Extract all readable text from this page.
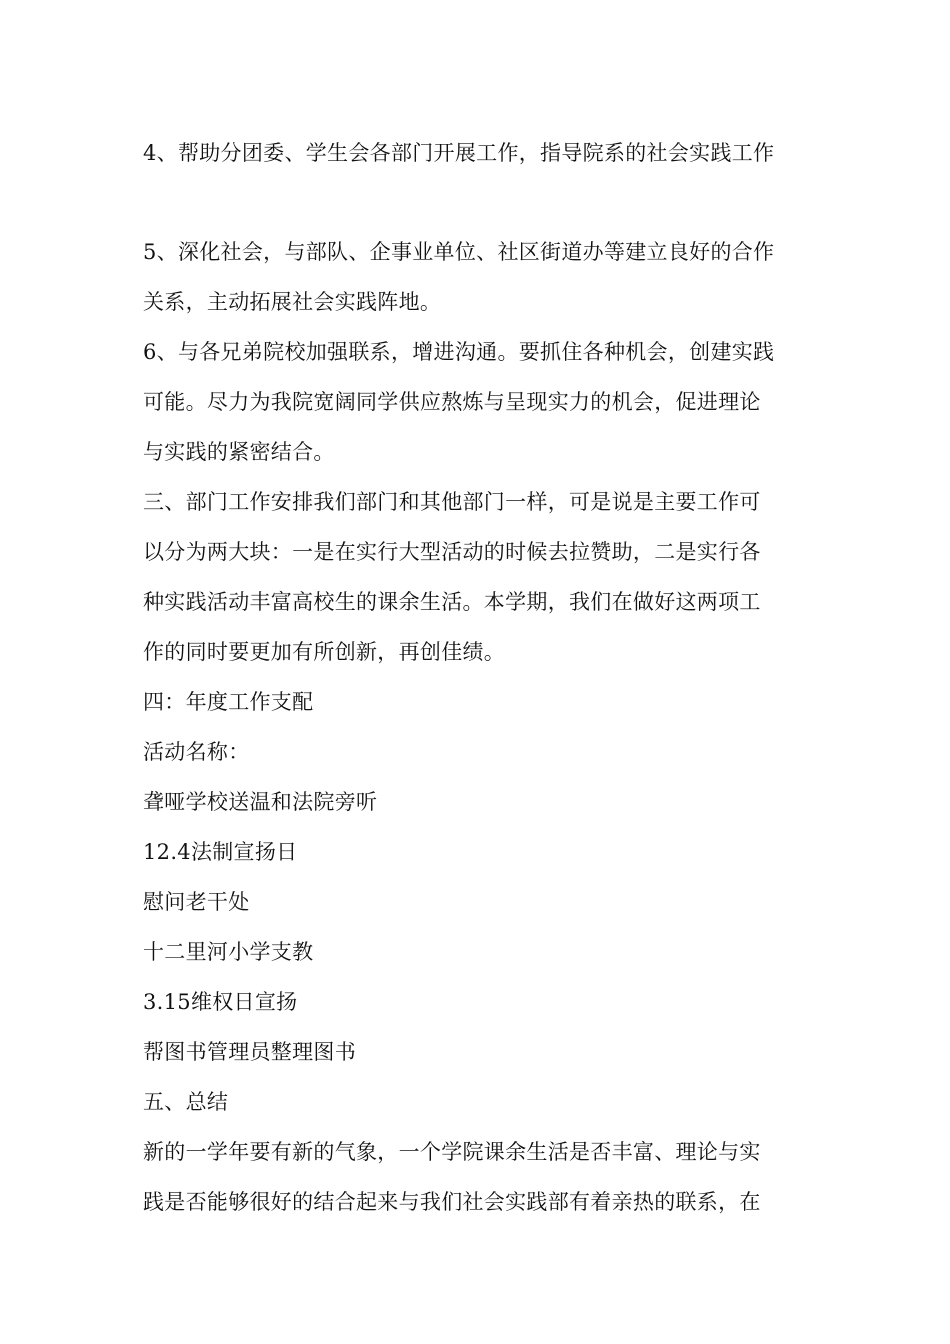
4、帮助分团委、学生会各部门开展工作，指导院系的社会实践工作
5、深化社会，与部队、企事业单位、社区街道办等建立良好的合作
关系，主动拓展社会实践阵地。
6、与各兄弟院校加强联系，增进沟通。要抓住各种机会，创建实践
可能。尽力为我院宽阔同学供应熬炼与呈现实力的机会，促进理论
与实践的紧密结合。
三、部门工作安排我们部门和其他部门一样，可是说是主要工作可
以分为两大块：一是在实行大型活动的时候去拉赞助，二是实行各
种实践活动丰富高校生的课余生活。本学期，我们在做好这两项工
作的同时要更加有所创新，再创佳绩。
四：年度工作支配
活动名称：
聋哑学校送温和法院旁听
12.4法制宣扬日
慰问老干处
十二里河小学支教
3.15维权日宣扬
帮图书管理员整理图书
五、总结
新的一学年要有新的气象，一个学院课余生活是否丰富、理论与实
践是否能够很好的结合起来与我们社会实践部有着亲热的联系，在
